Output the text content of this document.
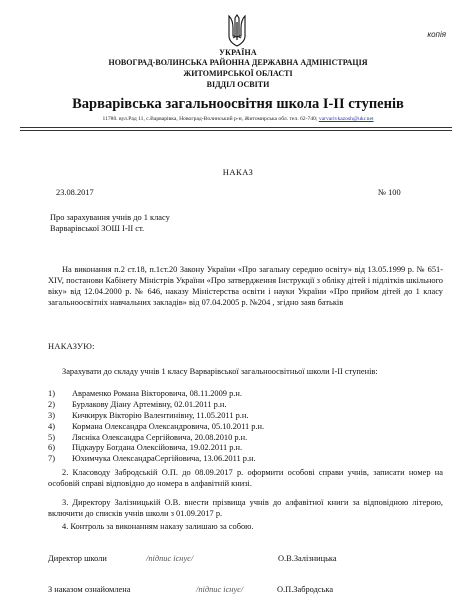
копія
УКРАЇНА
НОВОГРАД-ВОЛИНСЬКА РАЙОННА ДЕРЖАВНА АДМІНІСТРАЦІЯ
ЖИТОМИРСЬКОЇ ОБЛАСТІ
ВІДДІЛ ОСВІТИ
Варварівська загальноосвітня школа І-ІІ ступенів
11780. вул.Рад 11, с.Варварівка, Новоград-Волинський р-н, Житомирська обл. тел. 62-740; varvarivkazosh@ukr.net
НАКАЗ
23.08.2017	№ 100
Про зарахування учнів до 1 класу
Варварівської ЗОШ І-ІІ ст.
На виконання п.2 ст.18, п.1ст.20 Закону України «Про загальну середню освіту» від 13.05.1999 р. № 651-XIV, постанови Кабінету Міністрів України «Про затвердження Інструкції з обліку дітей і підлітків шкільного віку» від 12.04.2000 р. № 646, наказу Міністерства освіти і науки України «Про прийом дітей до 1 класу загальноосвітніх навчальних закладів» від 07.04.2005 р. №204 , згідно заяв батьків
НАКАЗУЮ:
Зарахувати до складу учнів 1 класу Варварівської загальноосвітньої школи І-ІІ ступенів:
1) Авраменко Романа Вікторовича, 08.11.2009 р.н.
2) Бурлакову Діану Артемівну, 02.01.2011 р.н.
3) Кичкирук Вікторію Валентинівну, 11.05.2011 р.н.
4) Кормана Олександра Олександровича, 05.10.2011 р.н.
5) Ляснікa Олександра Сергійовича, 20.08.2010 р.н.
6) Підкауру Богдана Олексійовича, 19.02.2011 р.н.
7) Юхимчука ОлександраСергійовича, 13.06.2011 р.н.
2. Класоводу Забродській О.П. до 08.09.2017 р. оформити особові справи учнів, записати номер на особовій справі відповідно до номера в алфавітній книзі.
3. Директору Залізницькій О.В. внести прізвища учнів до алфавітної книги за відповідною літерою, включити до списків учнів школи з 01.09.2017 р.
4. Контроль за виконанням наказу залишаю за собою.
Директор школи	/підпис існує/	О.В.Залізницька
З наказом ознайомлена	/підпис існує/	О.П.Забродська
